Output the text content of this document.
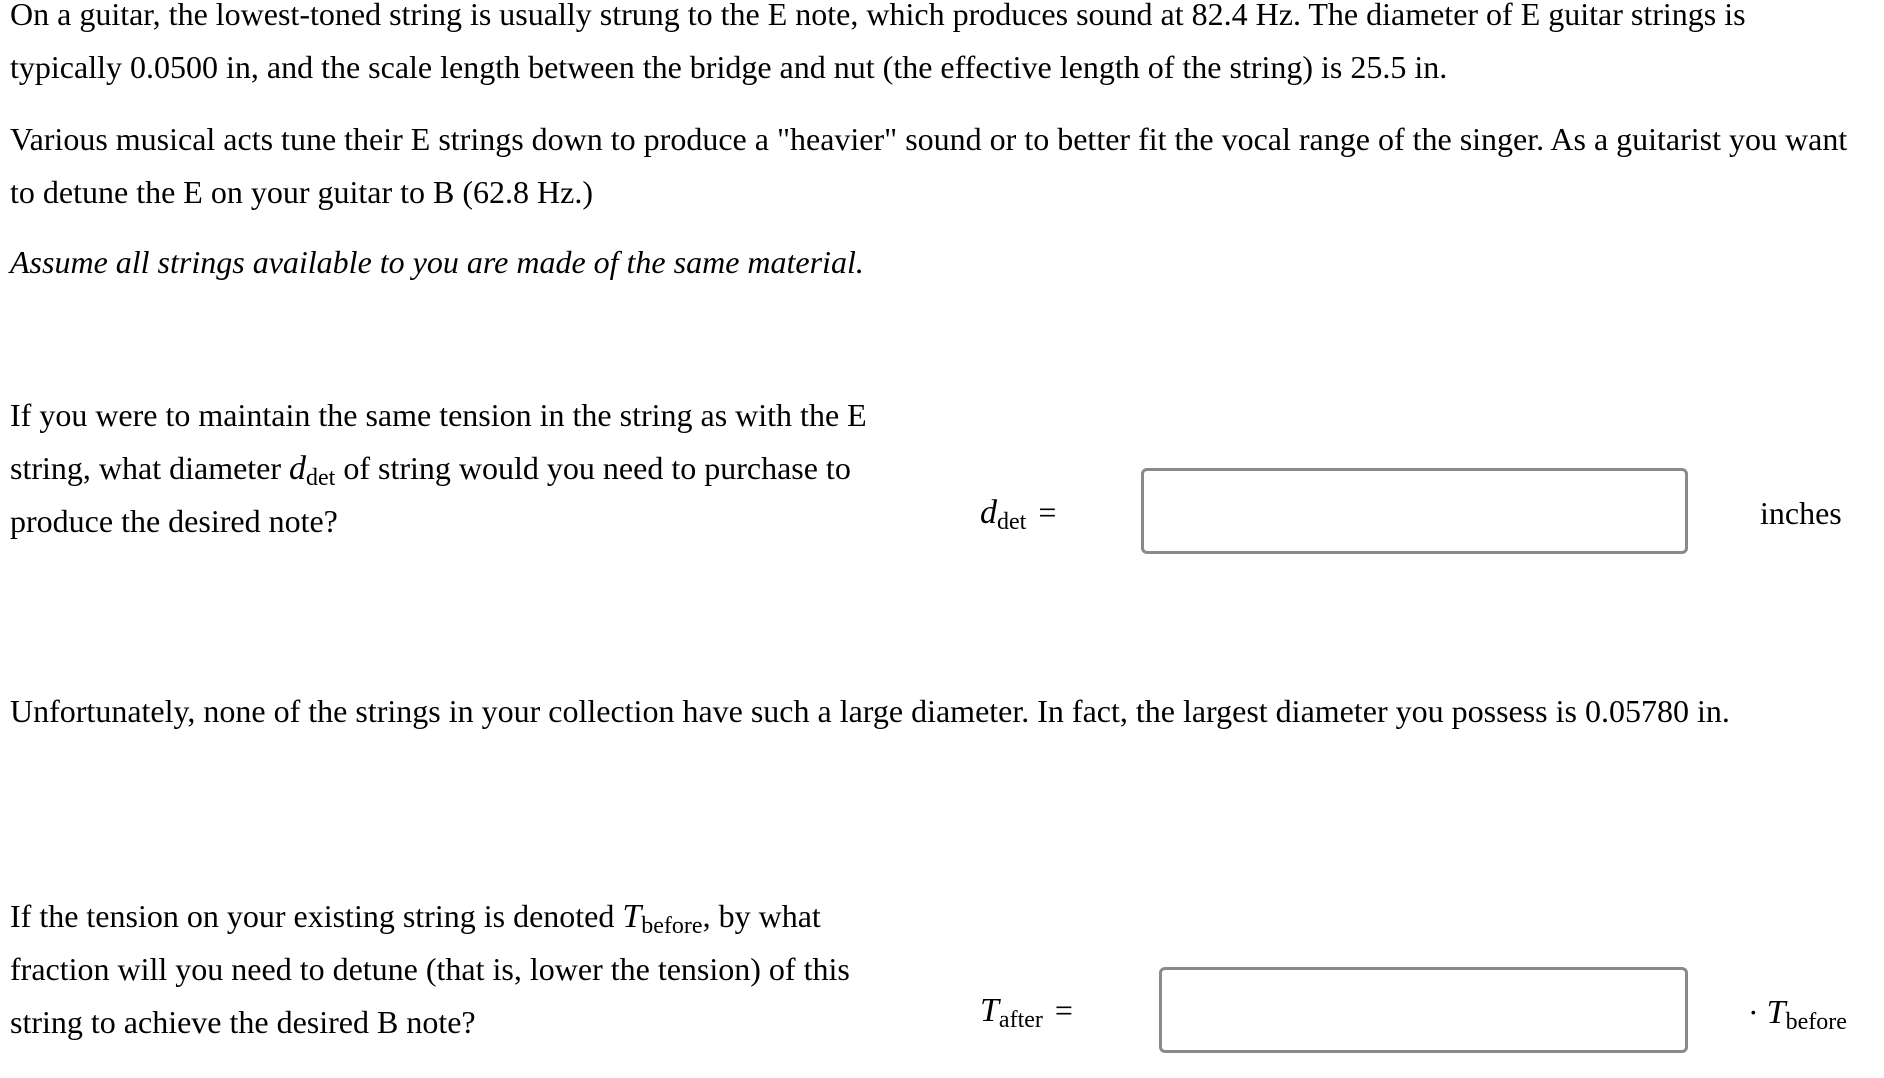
On a guitar, the lowest-toned string is usually strung to the E note, which produces sound at 82.4 Hz. The diameter of E guitar strings is typically 0.0500 in, and the scale length between the bridge and nut (the effective length of the string) is 25.5 in.

Various musical acts tune their E strings down to produce a "heavier" sound or to better fit the vocal range of the singer. As a guitarist you want to detune the E on your guitar to B (62.8 Hz.)

Assume all strings available to you are made of the same material.

If you were to maintain the same tension in the string as with the E string, what diameter $d_{det}$ of string would you need to purchase to produce the desired note?	$d_{det}$ =	inches

Unfortunately, none of the strings in your collection have such a large diameter. In fact, the largest diameter you possess is 0.05780 in.

If the tension on your existing string is denoted $T_{before}$, by what fraction will you need to detune (that is, lower the tension) of this string to achieve the desired B note?	$T_{after}$ =	· $T_{before}$
